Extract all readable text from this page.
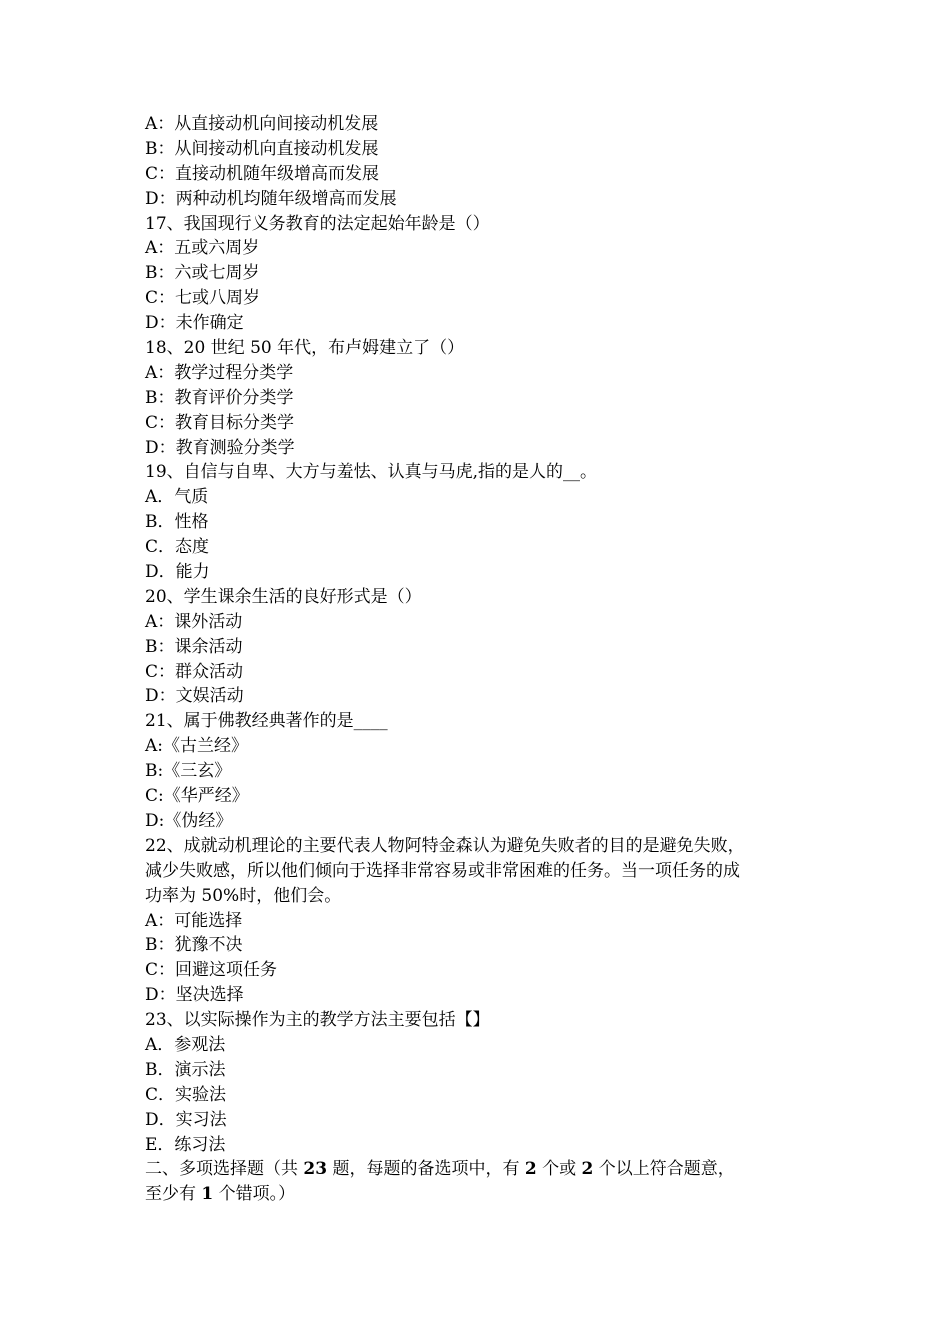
A：从直接动机向间接动机发展
B：从间接动机向直接动机发展
C：直接动机随年级增高而发展
D：两种动机均随年级增高而发展
17、我国现行义务教育的法定起始年龄是（）
A：五或六周岁
B：六或七周岁
C：七或八周岁
D：未作确定
18、20 世纪 50 年代，布卢姆建立了（）
A：教学过程分类学
B：教育评价分类学
C：教育目标分类学
D：教育测验分类学
19、自信与自卑、大方与羞怯、认真与马虎,指的是人的__。
A．气质
B．性格
C．态度
D．能力
20、学生课余生活的良好形式是（）
A：课外活动
B：课余活动
C：群众活动
D：文娱活动
21、属于佛教经典著作的是____
A:《古兰经》
B:《三玄》
C:《华严经》
D:《伪经》
22、成就动机理论的主要代表人物阿特金森认为避免失败者的目的是避免失败，
减少失败感，所以他们倾向于选择非常容易或非常困难的任务。当一项任务的成
功率为 50%时，他们会。
A：可能选择
B：犹豫不决
C：回避这项任务
D：坚决选择
23、以实际操作为主的教学方法主要包括【】
A．参观法
B．演示法
C．实验法
D．实习法
E．练习法
二、多项选择题（共 23 题，每题的备选项中，有 2 个或 2 个以上符合题意，
至少有 1 个错项。）
